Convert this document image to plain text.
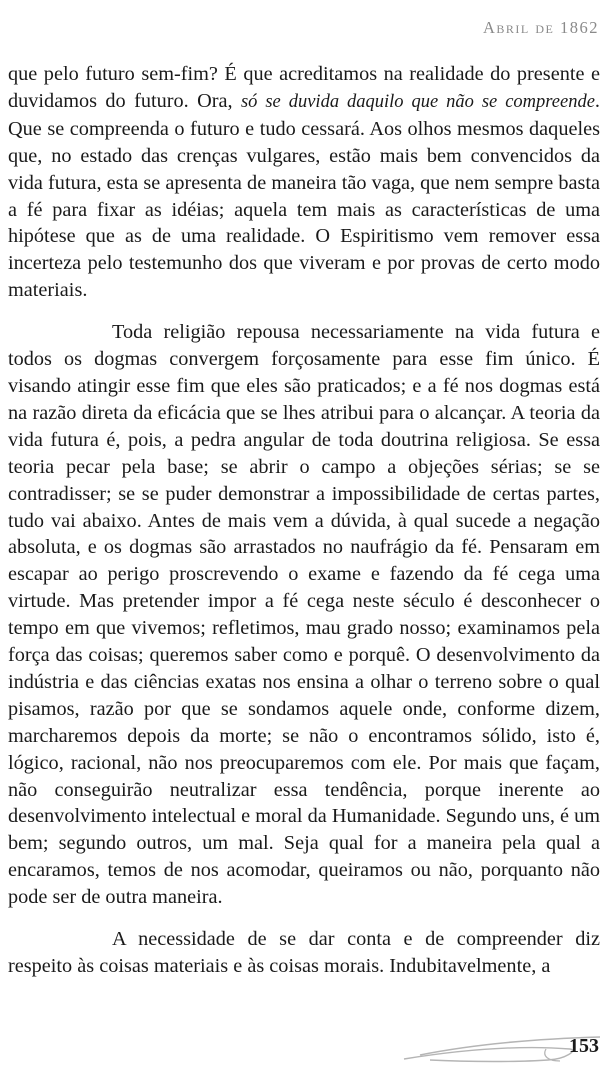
Abril de 1862

que pelo futuro sem-fim? É que acreditamos na realidade do presente e duvidamos do futuro. Ora, só se duvida daquilo que não se compreende. Que se compreenda o futuro e tudo cessará. Aos olhos mesmos daqueles que, no estado das crenças vulgares, estão mais bem convencidos da vida futura, esta se apresenta de maneira tão vaga, que nem sempre basta a fé para fixar as idéias; aquela tem mais as características de uma hipótese que as de uma realidade. O Espiritismo vem remover essa incerteza pelo testemunho dos que viveram e por provas de certo modo materiais.

Toda religião repousa necessariamente na vida futura e todos os dogmas convergem forçosamente para esse fim único. É visando atingir esse fim que eles são praticados; e a fé nos dogmas está na razão direta da eficácia que se lhes atribui para o alcançar. A teoria da vida futura é, pois, a pedra angular de toda doutrina religiosa. Se essa teoria pecar pela base; se abrir o campo a objeções sérias; se se contradisser; se se puder demonstrar a impossibilidade de certas partes, tudo vai abaixo. Antes de mais vem a dúvida, à qual sucede a negação absoluta, e os dogmas são arrastados no naufrágio da fé. Pensaram em escapar ao perigo proscrevendo o exame e fazendo da fé cega uma virtude. Mas pretender impor a fé cega neste século é desconhecer o tempo em que vivemos; refletimos, mau grado nosso; examinamos pela força das coisas; queremos saber como e porquê. O desenvolvimento da indústria e das ciências exatas nos ensina a olhar o terreno sobre o qual pisamos, razão por que se sondamos aquele onde, conforme dizem, marcharemos depois da morte; se não o encontramos sólido, isto é, lógico, racional, não nos preocuparemos com ele. Por mais que façam, não conseguirão neutralizar essa tendência, porque inerente ao desenvolvimento intelectual e moral da Humanidade. Segundo uns, é um bem; segundo outros, um mal. Seja qual for a maneira pela qual a encaramos, temos de nos acomodar, queiramos ou não, porquanto não pode ser de outra maneira.

A necessidade de se dar conta e de compreender diz respeito às coisas materiais e às coisas morais. Indubitavelmente, a

153
